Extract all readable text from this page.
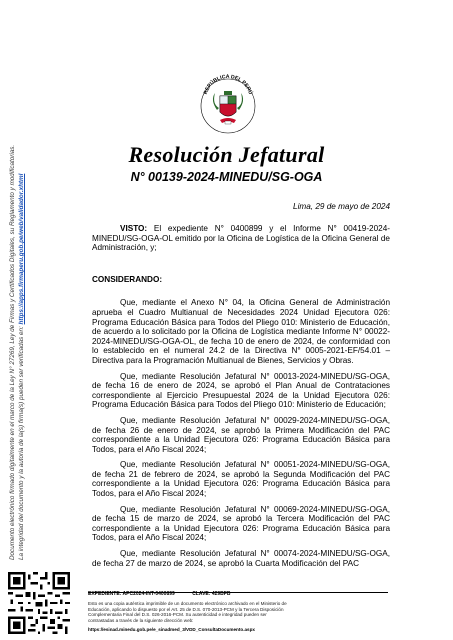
Documento electrónico firmado digitalmente en el marco de la Ley N° 27269, Ley de Firmas y Certificados Digitales, su Reglamento y modificatorias. La integridad del documento y la autoría de la(s) firma(s) pueden ser verificadas en: https://apps.firmaperu.gob.pe/web/validador.xhtml
REPÚBLICA DEL PERÚ
Resolución Jefatural
N° 00139-2024-MINEDU/SG-OGA
Lima, 29 de mayo de 2024

VISTO: El expediente N° 0400899 y el Informe N° 00419-2024-MINEDU/SG-OGA-OL emitido por la Oficina de Logística de la Oficina General de Administración, y;

CONSIDERANDO:

Que, mediante el Anexo N° 04, la Oficina General de Administración aprueba el Cuadro Multianual de Necesidades 2024 Unidad Ejecutora 026: Programa Educación Básica para Todos del Pliego 010: Ministerio de Educación, de acuerdo a lo solicitado por la Oficina de Logística mediante Informe N° 00022-2024-MINEDU/SG-OGA-OL, de fecha 10 de enero de 2024, de conformidad con lo establecido en el numeral 24.2 de la Directiva N° 0005-2021-EF/54.01 – Directiva para la Programación Multianual de Bienes, Servicios y Obras.

Que, mediante Resolución Jefatural N° 00013-2024-MINEDU/SG-OGA, de fecha 16 de enero de 2024, se aprobó el Plan Anual de Contrataciones correspondiente al Ejercicio Presupuestal 2024 de la Unidad Ejecutora 026: Programa Educación Básica para Todos del Pliego 010: Ministerio de Educación;

Que, mediante Resolución Jefatural N° 00029-2024-MINEDU/SG-OGA, de fecha 26 de enero de 2024, se aprobó la Primera Modificación del PAC correspondiente a la Unidad Ejecutora 026: Programa Educación Básica para Todos, para el Año Fiscal 2024;

Que, mediante Resolución Jefatural N° 00051-2024-MINEDU/SG-OGA, de fecha 21 de febrero de 2024, se aprobó la Segunda Modificación del PAC correspondiente a la Unidad Ejecutora 026: Programa Educación Básica para Todos, para el Año Fiscal 2024;

Que, mediante Resolución Jefatural N° 00069-2024-MINEDU/SG-OGA, de fecha 15 de marzo de 2024, se aprobó la Tercera Modificación del PAC correspondiente a la Unidad Ejecutora 026: Programa Educación Básica para Todos, para el Año Fiscal 2024;

Que, mediante Resolución Jefatural N° 00074-2024-MINEDU/SG-OGA, de fecha 27 de marzo de 2024, se aprobó la Cuarta Modificación del PAC

EXPEDIENTE: APC2024-INT-0400899	CLAVE: 429BFB
Esto es una copia auténtica imprimible de un documento electrónico archivado en el Ministerio de Educación, aplicando lo dispuesto por el Art. 25 de D.S. 070-2013-PCM y la Tercera Disposición Complementaria Final del D.S. 026-2016-PCM. Su autenticidad e integridad pueden ser contrastadas a través de la siguiente dirección web:
https://esinad.minedu.gob.pe/e_sinadmed_3/VDD_ConsultaDocumento.aspx
